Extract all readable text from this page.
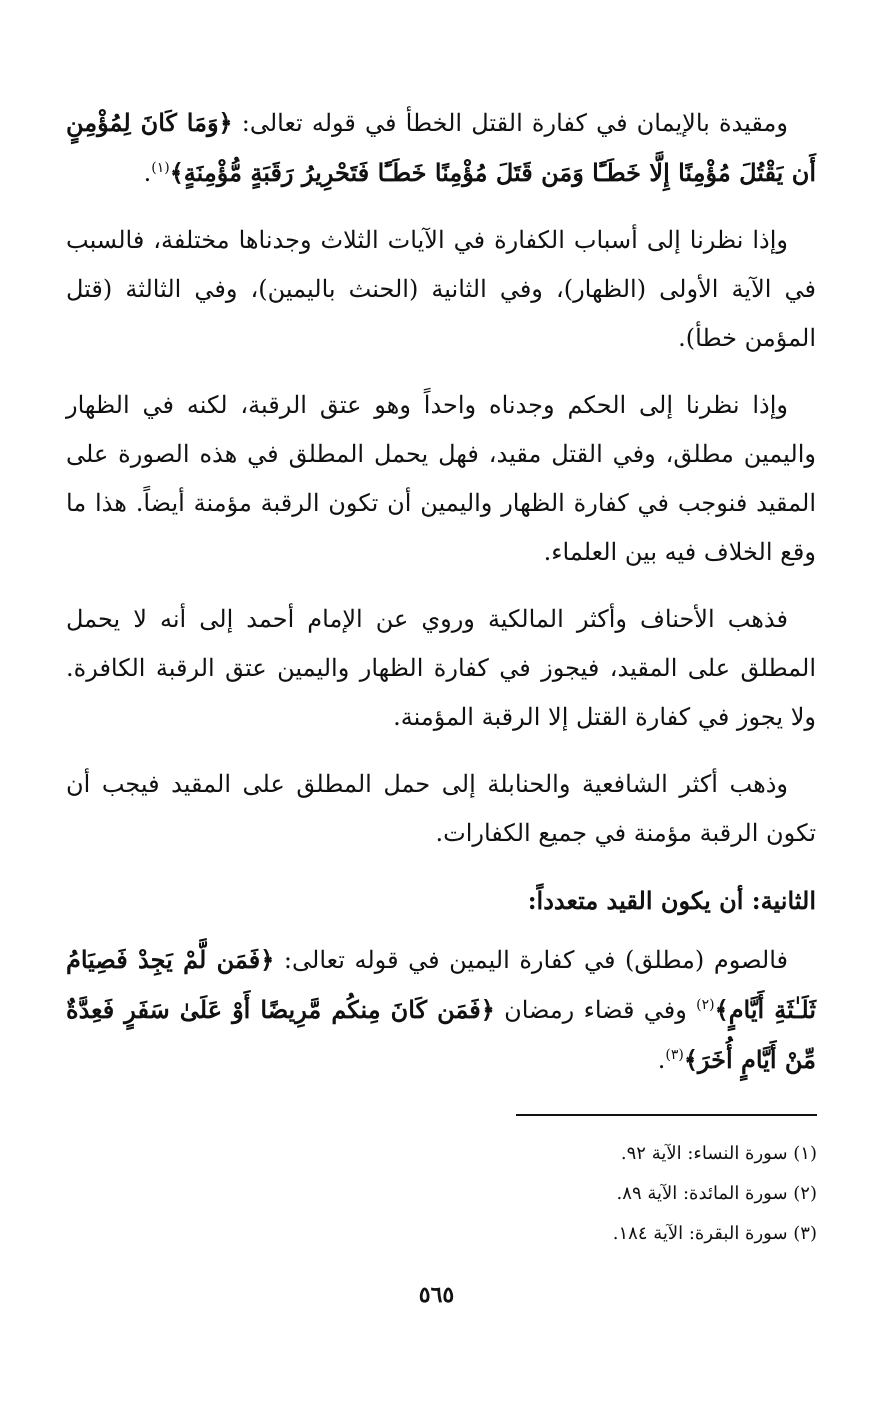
ومقيدة بالإيمان في كفارة القتل الخطأ في قوله تعالى: ﴿وَمَا كَانَ لِمُؤْمِنٍ أَن يَقْتُلَ مُؤْمِنًا إِلَّا خَطَـًٔا وَمَن قَتَلَ مُؤْمِنًا خَطَـًٔا فَتَحْرِيرُ رَقَبَةٍ مُّؤْمِنَةٍ﴾$^{(١)}$.

وإذا نظرنا إلى أسباب الكفارة في الآيات الثلاث وجدناها مختلفة، فالسبب في الآية الأولى (الظهار)، وفي الثانية (الحنث باليمين)، وفي الثالثة (قتل المؤمن خطأ).

وإذا نظرنا إلى الحكم وجدناه واحداً وهو عتق الرقبة، لكنه في الظهار واليمين مطلق، وفي القتل مقيد، فهل يحمل المطلق في هذه الصورة على المقيد فنوجب في كفارة الظهار واليمين أن تكون الرقبة مؤمنة أيضاً. هذا ما وقع الخلاف فيه بين العلماء.

فذهب الأحناف وأكثر المالكية وروي عن الإمام أحمد إلى أنه لا يحمل المطلق على المقيد، فيجوز في كفارة الظهار واليمين عتق الرقبة الكافرة. ولا يجوز في كفارة القتل إلا الرقبة المؤمنة.

وذهب أكثر الشافعية والحنابلة إلى حمل المطلق على المقيد فيجب أن تكون الرقبة مؤمنة في جميع الكفارات.

الثانية: أن يكون القيد متعدداً:

فالصوم (مطلق) في كفارة اليمين في قوله تعالى: ﴿فَمَن لَّمْ يَجِدْ فَصِيَامُ ثَلَـٰثَةِ أَيَّامٍ﴾$^{(٢)}$ وفي قضاء رمضان ﴿فَمَن كَانَ مِنكُم مَّرِيضًا أَوْ عَلَىٰ سَفَرٍ فَعِدَّةٌ مِّنْ أَيَّامٍ أُخَرَ﴾$^{(٣)}$.

(١) سورة النساء: الآية ٩٢.
(٢) سورة المائدة: الآية ٨٩.
(٣) سورة البقرة: الآية ١٨٤.
٥٦٥
